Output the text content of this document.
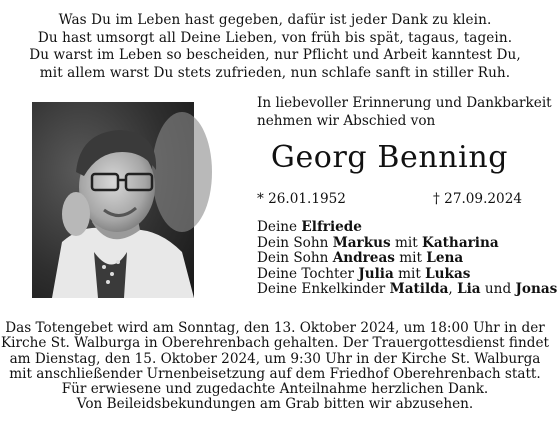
Was Du im Leben hast gegeben, dafür ist jeder Dank zu klein.
Du hast umsorgt all Deine Lieben, von früh bis spät, tagaus, tagein.
Du warst im Leben so bescheiden, nur Pflicht und Arbeit kanntest Du,
mit allem warst Du stets zufrieden, nun schlafe sanft in stiller Ruh.
In liebevoller Erinnerung und Dankbarkeit
nehmen wir Abschied von
Georg Benning
* 26.01.1952	† 27.09.2024
Deine Elfriede
Dein Sohn Markus mit Katharina
Dein Sohn Andreas mit Lena
Deine Tochter Julia mit Lukas
Deine Enkelkinder Matilda, Lia und Jonas
Das Totengebet wird am Sonntag, den 13. Oktober 2024, um 18:00 Uhr in der
Kirche St. Walburga in Oberehrenbach gehalten. Der Trauergottesdienst findet
am Dienstag, den 15. Oktober 2024, um 9:30 Uhr in der Kirche St. Walburga
mit anschließender Urnenbeisetzung auf dem Friedhof Oberehrenbach statt.
Für erwiesene und zugedachte Anteilnahme herzlichen Dank.
Von Beileidsbekundungen am Grab bitten wir abzusehen.
